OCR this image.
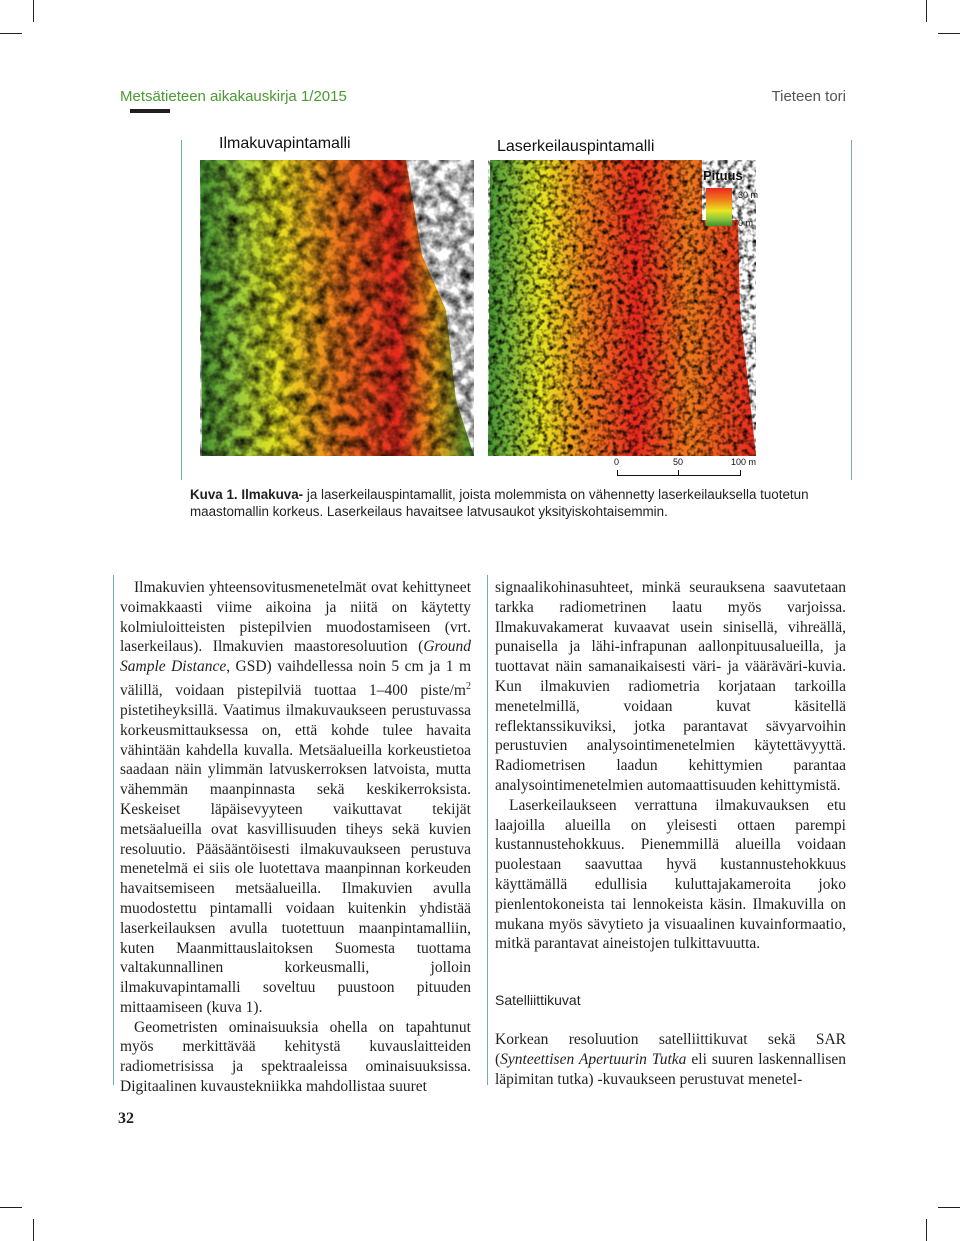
Metsätieteen aikakauskirja 1/2015	Tieteen tori
Ilmakuvapintamalli	Laserkeilauspintamalli
Pituus
30 m
0 m
0	50	100 m
Kuva 1. Ilmakuva- ja laserkeilauspintamallit, joista molemmista on vähennetty laserkeilauksella tuotetun maastomallin korkeus. Laserkeilaus havaitsee latvusaukot yksityiskohtaisemmin.

Ilmakuvien yhteensovitusmenetelmät ovat kehittyneet voimakkaasti viime aikoina ja niitä on käytetty kolmiuloitteisten pistepilvien muodostamiseen (vrt. laserkeilaus). Ilmakuvien maastoresoluution (Ground Sample Distance, GSD) vaihdellessa noin 5 cm ja 1 m välillä, voidaan pistepilviä tuottaa 1–400 piste/$m^2$ pistetiheyksillä. Vaatimus ilmakuvaukseen perustuvassa korkeusmittauksessa on, että kohde tulee havaita vähintään kahdella kuvalla. Metsäalueilla korkeustietoa saadaan näin ylimmän latvuskerroksen latvoista, mutta vähemmän maanpinnasta sekä keskikerroksista. Keskeiset läpäisevyyteen vaikuttavat tekijät metsäalueilla ovat kasvillisuuden tiheys sekä kuvien resoluutio. Pääsääntöisesti ilmakuvaukseen perustuva menetelmä ei siis ole luotettava maanpinnan korkeuden havaitsemiseen metsäalueilla. Ilmakuvien avulla muodostettu pintamalli voidaan kuitenkin yhdistää laserkeilauksen avulla tuotettuun maanpintamalliin, kuten Maanmittauslaitoksen Suomesta tuottama valtakunnallinen korkeusmalli, jolloin ilmakuvapintamalli soveltuu puustoon pituuden mittaamiseen (kuva 1).

Geometristen ominaisuuksia ohella on tapahtunut myös merkittävää kehitystä kuvauslaitteiden radiometrisissa ja spektraaleissa ominaisuuksissa. Digitaalinen kuvaustekniikka mahdollistaa suuret

signaalikohinasuhteet, minkä seurauksena saavutetaan tarkka radiometrinen laatu myös varjoissa. Ilmakuvakamerat kuvaavat usein sinisellä, vihreällä, punaisella ja lähi-infrapunan aallonpituusalueilla, ja tuottavat näin samanaikaisesti väri- ja vääräväri-kuvia. Kun ilmakuvien radiometria korjataan tarkoilla menetelmillä, voidaan kuvat käsitellä reflektanssikuviksi, jotka parantavat sävyarvoihin perustuvien analysointimenetelmien käytettävyyttä. Radiometrisen laadun kehittymien parantaa analysointimenetelmien automaattisuuden kehittymistä.

Laserkeilaukseen verrattuna ilmakuvauksen etu laajoilla alueilla on yleisesti ottaen parempi kustannustehokkuus. Pienemmillä alueilla voidaan puolestaan saavuttaa hyvä kustannustehokkuus käyttämällä edullisia kuluttajakameroita joko pienlentokoneista tai lennokeista käsin. Ilmakuvilla on mukana myös sävytieto ja visuaalinen kuvainformaatio, mitkä parantavat aineistojen tulkittavuutta.

Satelliittikuvat

Korkean resoluution satelliittikuvat sekä SAR (Synteettisen Apertuurin Tutka eli suuren laskennallisen läpimitan tutka) -kuvaukseen perustuvat menetel-

32
